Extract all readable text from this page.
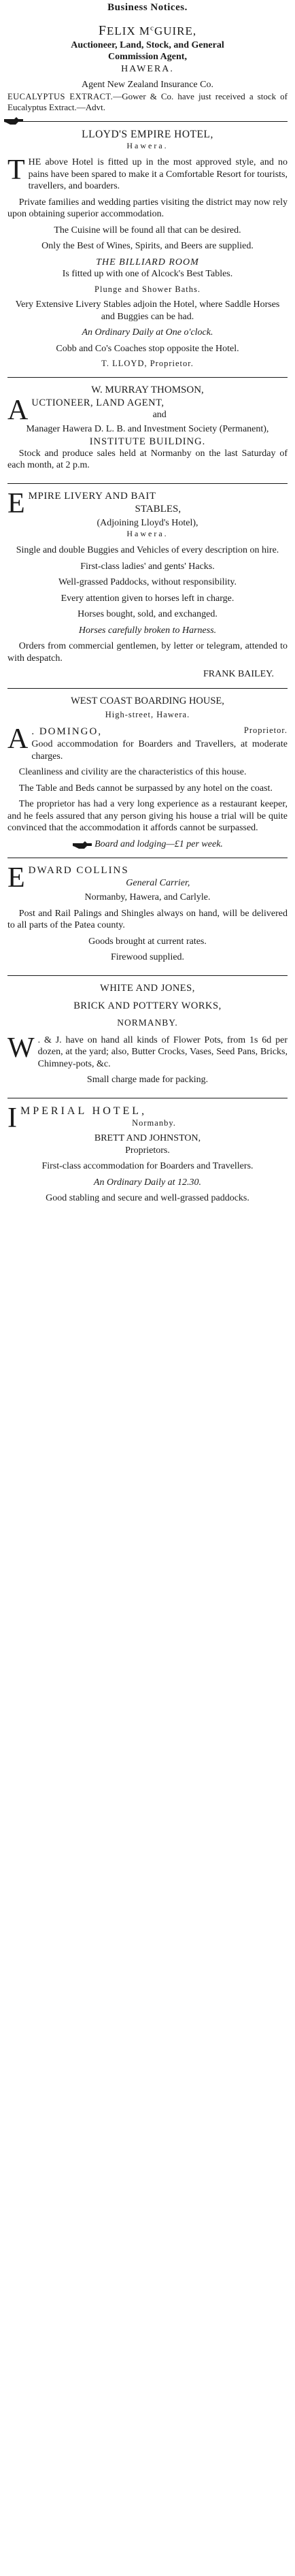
Business Notices.
FELIX $M^cGUIRE$,
Auctioneer, Land, Stock, and General
Commission Agent,
HAWERA.
Agent New Zealand Insurance Co.
EUCALYPTUS EXTRACT.—Gower & Co. have just received a stock of Eucalyptus Extract.—Advt.
LLOYD'S EMPIRE HOTEL,
Hawera.

THE above Hotel is fitted up in the most approved style, and no pains have been spared to make it a Comfortable Resort for tourists, travellers, and boarders.

Private families and wedding parties visiting the district may now rely upon obtaining superior accommodation.

The Cuisine will be found all that can be desired.

Only the Best of Wines, Spirits, and Beers are supplied.

THE BILLIARD ROOM

Is fitted up with one of Alcock's Best Tables.

Plunge and Shower Baths.

Very Extensive Livery Stables adjoin the Hotel, where Saddle Horses and Buggies can be had.

An Ordinary Daily at One o'clock.

Cobb and Co's Coaches stop opposite the Hotel.

T. LLOYD, Proprietor.
W. MURRAY THOMSON,
A UCTIONEER, LAND AGENT,
and
Manager Hawera D. L. B. and Investment Society (Permanent),
INSTITUTE BUILDING.

Stock and produce sales held at Normanby on the last Saturday of each month, at 2 p.m.

E MPIRE LIVERY AND BAIT
STABLES,
(Adjoining Lloyd's Hotel),
Hawera.

Single and double Buggies and Vehicles of every description on hire.

First-class ladies' and gents' Hacks.

Well-grassed Paddocks, without responsibility.

Every attention given to horses left in charge.

Horses bought, sold, and exchanged.

Horses carefully broken to Harness.

Orders from commercial gentlemen, by letter or telegram, attended to with despatch.

FRANK BAILEY.
WEST COAST BOARDING HOUSE,
High-street, Hawera.
A . DOMINGO,	Proprietor.

Good accommodation for Boarders and Travellers, at moderate charges.

Cleanliness and civility are the characteristics of this house.

The Table and Beds cannot be surpassed by any hotel on the coast.

The proprietor has had a very long experience as a restaurant keeper, and he feels assured that any person giving his house a trial will be quite convinced that the accommodation it affords cannot be surpassed.

Board and lodging—£1 per week.
E DWARD COLLINS
General Carrier,

Normanby, Hawera, and Carlyle.

Post and Rail Palings and Shingles always on hand, will be delivered to all parts of the Patea county.

Goods brought at current rates.

Firewood supplied.

WHITE AND JONES,
BRICK AND POTTERY WORKS,
NORMANBY.

W . & J. have on hand all kinds of Flower Pots, from 1s 6d per dozen, at the yard; also, Butter Crocks, Vases, Seed Pans, Bricks, Chimney-pots, &c.

Small charge made for packing.

I MPERIAL HOTEL,
Normanby.
BRETT AND JOHNSTON,

Proprietors.

First-class accommodation for Boarders and Travellers.

An Ordinary Daily at 12.30.

Good stabling and secure and well-grassed paddocks.
